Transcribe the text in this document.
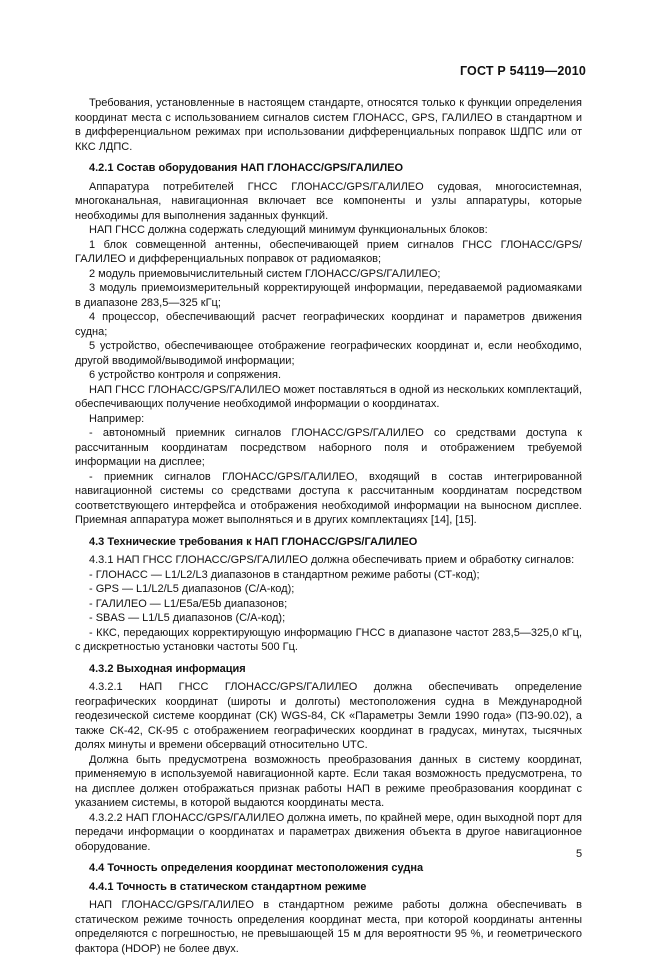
ГОСТ Р 54119—2010

Требования, установленные в настоящем стандарте, относятся только к функции определения координат места с использованием сигналов систем ГЛОНАСС, GPS, ГАЛИЛЕО в стандартном и в дифференциальном режимах при использовании дифференциальных поправок ШДПС или от ККС ЛДПС.

4.2.1 Состав оборудования НАП ГЛОНАСС/GPS/ГАЛИЛЕО

Аппаратура потребителей ГНСС ГЛОНАСС/GPS/ГАЛИЛЕО судовая, многосистемная, многоканальная, навигационная включает все компоненты и узлы аппаратуры, которые необходимы для выполнения заданных функций.

НАП ГНСС должна содержать следующий минимум функциональных блоков:

1 блок совмещенной антенны, обеспечивающей прием сигналов ГНСС ГЛОНАСС/GPS/ГАЛИЛЕО и дифференциальных поправок от радиомаяков;

2 модуль приемовычислительный систем ГЛОНАСС/GPS/ГАЛИЛЕО;

3 модуль приемоизмерительный корректирующей информации, передаваемой радиомаяками в диапазоне 283,5—325 кГц;

4 процессор, обеспечивающий расчет географических координат и параметров движения судна;

5 устройство, обеспечивающее отображение географических координат и, если необходимо, другой вводимой/выводимой информации;

6 устройство контроля и сопряжения.

НАП ГНСС ГЛОНАСС/GPS/ГАЛИЛЕО может поставляться в одной из нескольких комплектаций, обеспечивающих получение необходимой информации о координатах.

Например:

- автономный приемник сигналов ГЛОНАСС/GPS/ГАЛИЛЕО со средствами доступа к рассчитанным координатам посредством наборного поля и отображением требуемой информации на дисплее;

- приемник сигналов ГЛОНАСС/GPS/ГАЛИЛЕО, входящий в состав интегрированной навигационной системы со средствами доступа к рассчитанным координатам посредством соответствующего интерфейса и отображения необходимой информации на выносном дисплее. Приемная аппаратура может выполняться и в других комплектациях [14], [15].

4.3 Технические требования к НАП ГЛОНАСС/GPS/ГАЛИЛЕО

4.3.1 НАП ГНСС ГЛОНАСС/GPS/ГАЛИЛЕО должна обеспечивать прием и обработку сигналов:

- ГЛОНАСС — L1/L2/L3 диапазонов в стандартном режиме работы (СТ-код);

- GPS — L1/L2/L5 диапазонов (С/А-код);

- ГАЛИЛЕО — L1/E5a/E5b диапазонов;

- SBAS — L1/L5 диапазонов (С/А-код);

- ККС, передающих корректирующую информацию ГНСС в диапазоне частот 283,5—325,0 кГц, с дискретностью установки частоты 500 Гц.

4.3.2 Выходная информация

4.3.2.1 НАП ГНСС ГЛОНАСС/GPS/ГАЛИЛЕО должна обеспечивать определение географических координат (широты и долготы) местоположения судна в Международной геодезической системе координат (СК) WGS-84, СК «Параметры Земли 1990 года» (ПЗ-90.02), а также СК-42, СК-95 с отображением географических координат в градусах, минутах, тысячных долях минуты и времени обсерваций относительно UTC.

Должна быть предусмотрена возможность преобразования данных в систему координат, применяемую в используемой навигационной карте. Если такая возможность предусмотрена, то на дисплее должен отображаться признак работы НАП в режиме преобразования координат с указанием системы, в которой выдаются координаты места.

4.3.2.2 НАП ГЛОНАСС/GPS/ГАЛИЛЕО должна иметь, по крайней мере, один выходной порт для передачи информации о координатах и параметрах движения объекта в другое навигационное оборудование.

4.4 Точность определения координат местоположения судна

4.4.1 Точность в статическом стандартном режиме

НАП ГЛОНАСС/GPS/ГАЛИЛЕО в стандартном режиме работы должна обеспечивать в статическом режиме точность определения координат места, при которой координаты антенны определяются с погрешностью, не превышающей 15 м для вероятности 95 %, и геометрического фактора (HDOP) не более двух.

5
